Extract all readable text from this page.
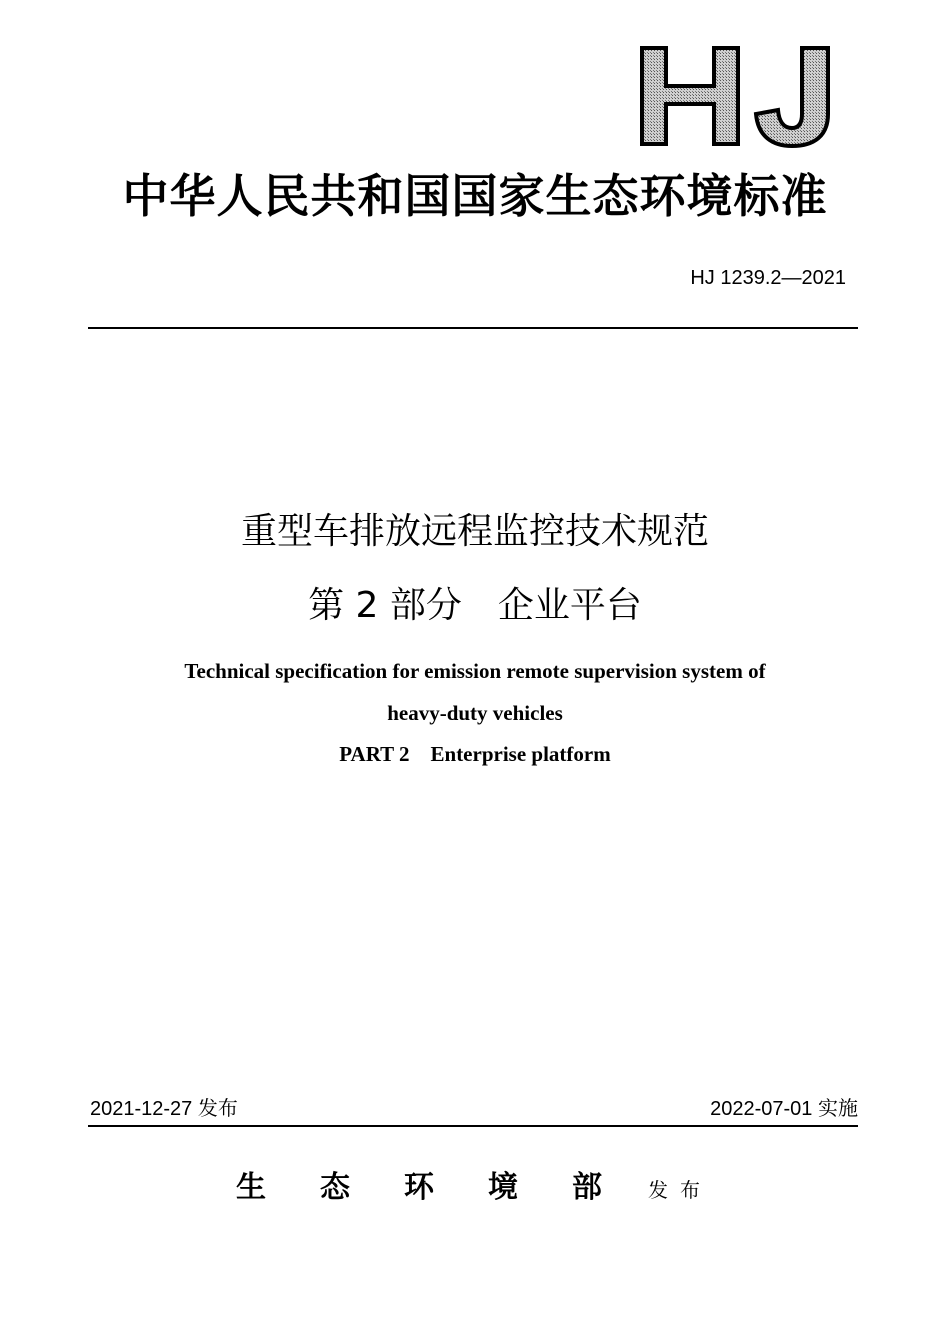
中华人民共和国国家生态环境标准
HJ 1239.2—2021
重型车排放远程监控技术规范
第 2 部分　企业平台
Technical specification for emission remote supervision system of
heavy-duty vehicles
PART 2    Enterprise platform
2021-12-27 发布	2022-07-01 实施
生态环境部
发布
